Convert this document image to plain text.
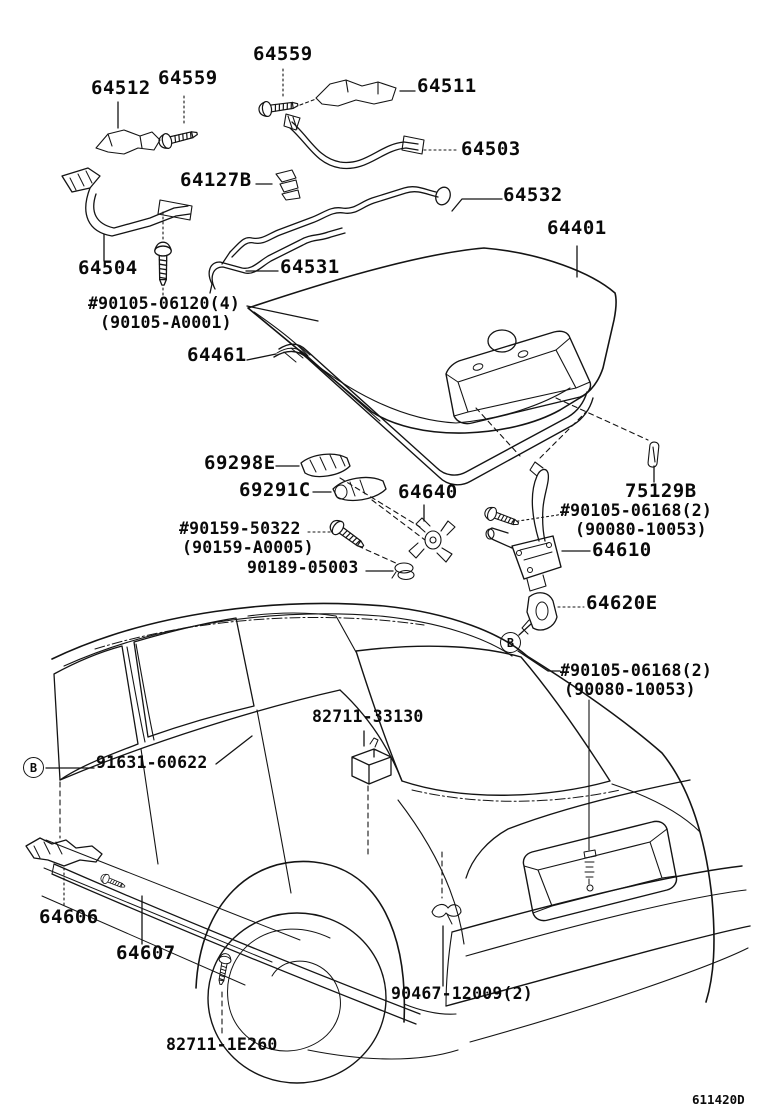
64559
64512 64559	64511
64503
64127B
64532
64401
64504	64531
#90105-06120(4)
(90105-A0001)
64461
69298E
69291C	64640	75129B
#90105-06168(2)
(90080-10053)
64610
#90159-50322
(90159-A0005)
90189-05003
64620E
#90105-06168(2)
(90080-10053)
82711-33130
91631-60622
64606
64607
82711-1E260
90467-12009(2)
611420D
B
B
